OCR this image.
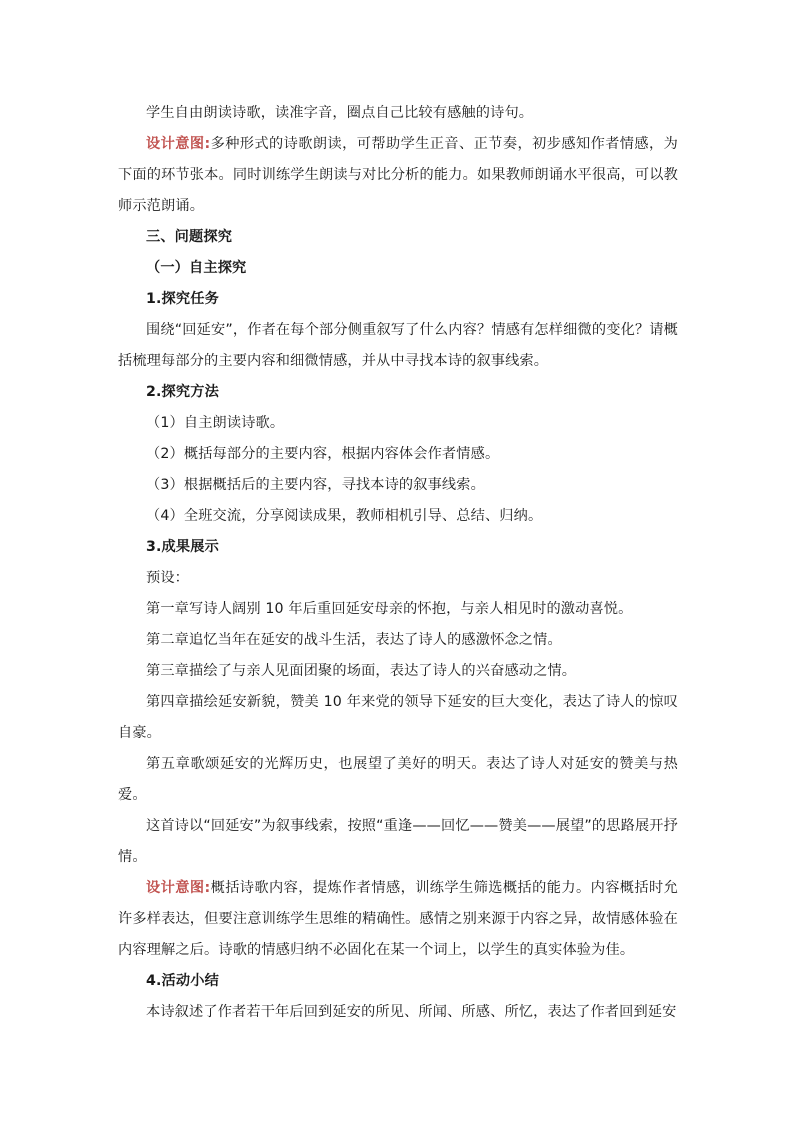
学生自由朗读诗歌，读准字音，圈点自己比较有感触的诗句。

设计意图:多种形式的诗歌朗读，可帮助学生正音、正节奏，初步感知作者情感，为下面的环节张本。同时训练学生朗读与对比分析的能力。如果教师朗诵水平很高，可以教师示范朗诵。

三、问题探究

（一）自主探究

1.探究任务

围绕“回延安”，作者在每个部分侧重叙写了什么内容？情感有怎样细微的变化？请概括梳理每部分的主要内容和细微情感，并从中寻找本诗的叙事线索。

2.探究方法

（1）自主朗读诗歌。

（2）概括每部分的主要内容，根据内容体会作者情感。

（3）根据概括后的主要内容，寻找本诗的叙事线索。

（4）全班交流，分享阅读成果，教师相机引导、总结、归纳。

3.成果展示

预设：

第一章写诗人阔别 10 年后重回延安母亲的怀抱，与亲人相见时的激动喜悦。

第二章追忆当年在延安的战斗生活，表达了诗人的感激怀念之情。

第三章描绘了与亲人见面团聚的场面，表达了诗人的兴奋感动之情。

第四章描绘延安新貌，赞美 10 年来党的领导下延安的巨大变化，表达了诗人的惊叹自豪。

第五章歌颂延安的光辉历史，也展望了美好的明天。表达了诗人对延安的赞美与热爱。

这首诗以“回延安”为叙事线索，按照“重逢——回忆——赞美——展望”的思路展开抒情。

设计意图:概括诗歌内容，提炼作者情感，训练学生筛选概括的能力。内容概括时允许多样表达，但要注意训练学生思维的精确性。感情之别来源于内容之异，故情感体验在内容理解之后。诗歌的情感归纳不必固化在某一个词上，以学生的真实体验为佳。

4.活动小结

本诗叙述了作者若干年后回到延安的所见、所闻、所感、所忆，表达了作者回到延安
